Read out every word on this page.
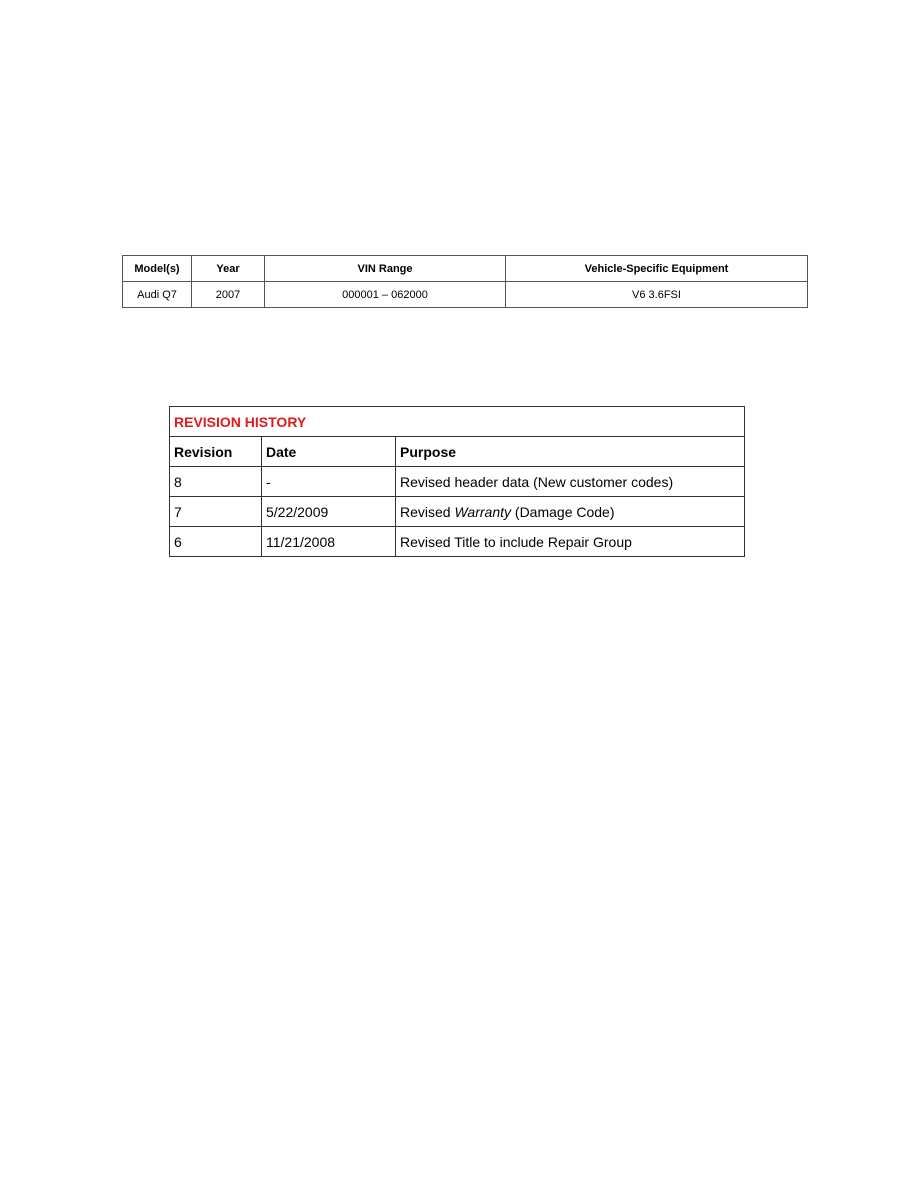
Model(s)	Year	VIN Range	Vehicle-Specific Equipment
Audi Q7	2007	000001 – 062000	V6 3.6FSI
REVISION HISTORY		
Revision	Date	Purpose
8	-	Revised header data (New customer codes)
7	5/22/2009	Revised Warranty (Damage Code)
6	11/21/2008	Revised Title to include Repair Group
